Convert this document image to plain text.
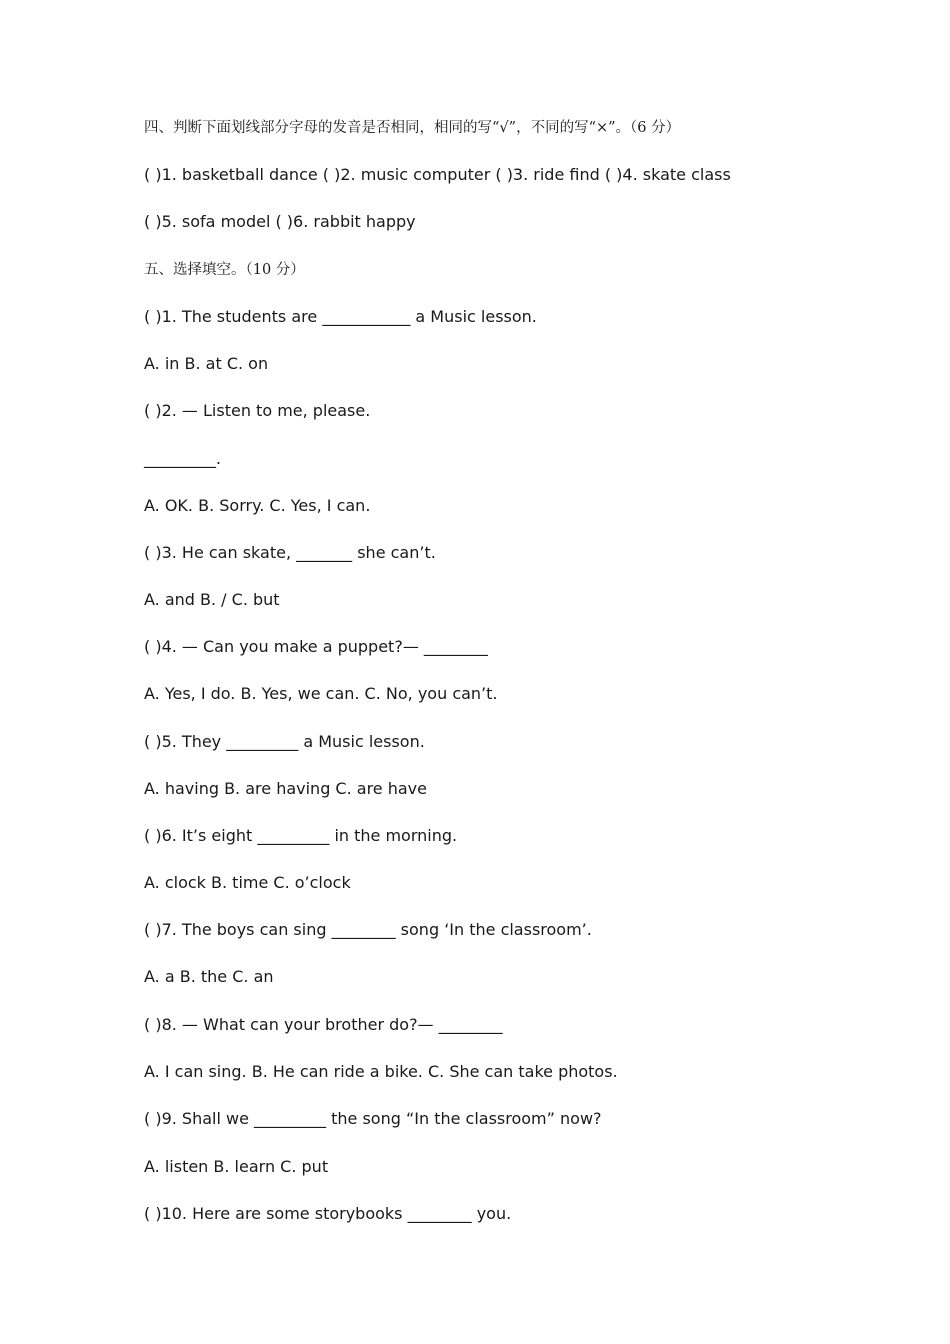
四、判断下面划线部分字母的发音是否相同，相同的写“√”，不同的写“×”。（6 分）
( )1. basketball dance ( )2. music computer ( )3. ride find ( )4. skate class
( )5. sofa model ( )6. rabbit happy
五、选择填空。（10 分）
( )1. The students are ___________ a Music lesson.
A. in B. at C. on
( )2. — Listen to me, please.
_________.
A. OK. B. Sorry. C. Yes, I can.
( )3. He can skate, _______ she can’t.
A. and B. / C. but
( )4. — Can you make a puppet?— ________
A. Yes, I do. B. Yes, we can. C. No, you can’t.
( )5. They _________ a Music lesson.
A. having B. are having C. are have
( )6. It’s eight _________ in the morning.
A. clock B. time C. o’clock
( )7. The boys can sing ________ song ‘In the classroom’.
A. a B. the C. an
( )8. — What can your brother do?— ________
A. I can sing. B. He can ride a bike. C. She can take photos.
( )9. Shall we _________ the song “In the classroom” now?
A. listen B. learn C. put
( )10. Here are some storybooks ________ you.
